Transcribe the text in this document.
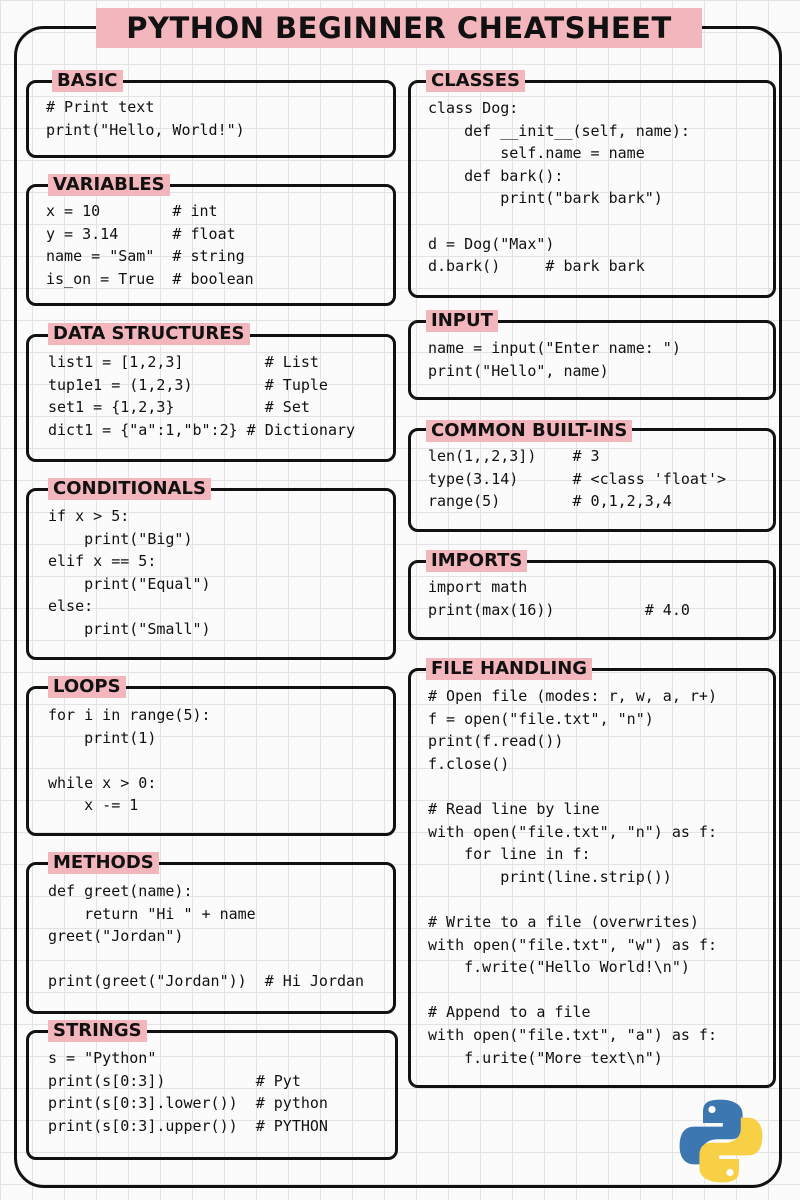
PYTHON BEGINNER CHEATSHEET
BASIC
# Print text
print("Hello, World!")
VARIABLES
x = 10        # int
y = 3.14      # float
name = "Sam"  # string
is_on = True  # boolean
DATA STRUCTURES
list1 = [1,2,3]         # List
tup1e1 = (1,2,3)        # Tuple
set1 = {1,2,3}          # Set
dict1 = {"a":1,"b":2} # Dictionary
CONDITIONALS
if x > 5:
print("Big")
elif x == 5:
print("Equal")
else:
print("Small")
LOOPS
for i in range(5):
print(1)

while x > 0:
x -= 1
METHODS
def greet(name):
return "Hi " + name
greet("Jordan")

print(greet("Jordan"))  # Hi Jordan
STRINGS
s = "Python"
print(s[0:3])          # Pyt
print(s[0:3].lower())  # python
print(s[0:3].upper())  # PYTHON
CLASSES
class Dog:
def __init__(self, name):
self.name = name
def bark():
print("bark bark")

d = Dog("Max")
d.bark()     # bark bark
INPUT
name = input("Enter name: ")
print("Hello", name)
COMMON BUILT-INS
len(1,,2,3])    # 3
type(3.14)      # <class 'float'>
range(5)        # 0,1,2,3,4
IMPORTS
import math
print(max(16))          # 4.0
FILE HANDLING
# Open file (modes: r, w, a, r+)
f = open("file.txt", "n")
print(f.read())
f.close()

# Read line by line
with open("file.txt", "n") as f:
for line in f:
print(line.strip())

# Write to a file (overwrites)
with open("file.txt", "w") as f:
f.write("Hello World!\n")

# Append to a file
with open("file.txt", "a") as f:
f.urite("More text\n")
